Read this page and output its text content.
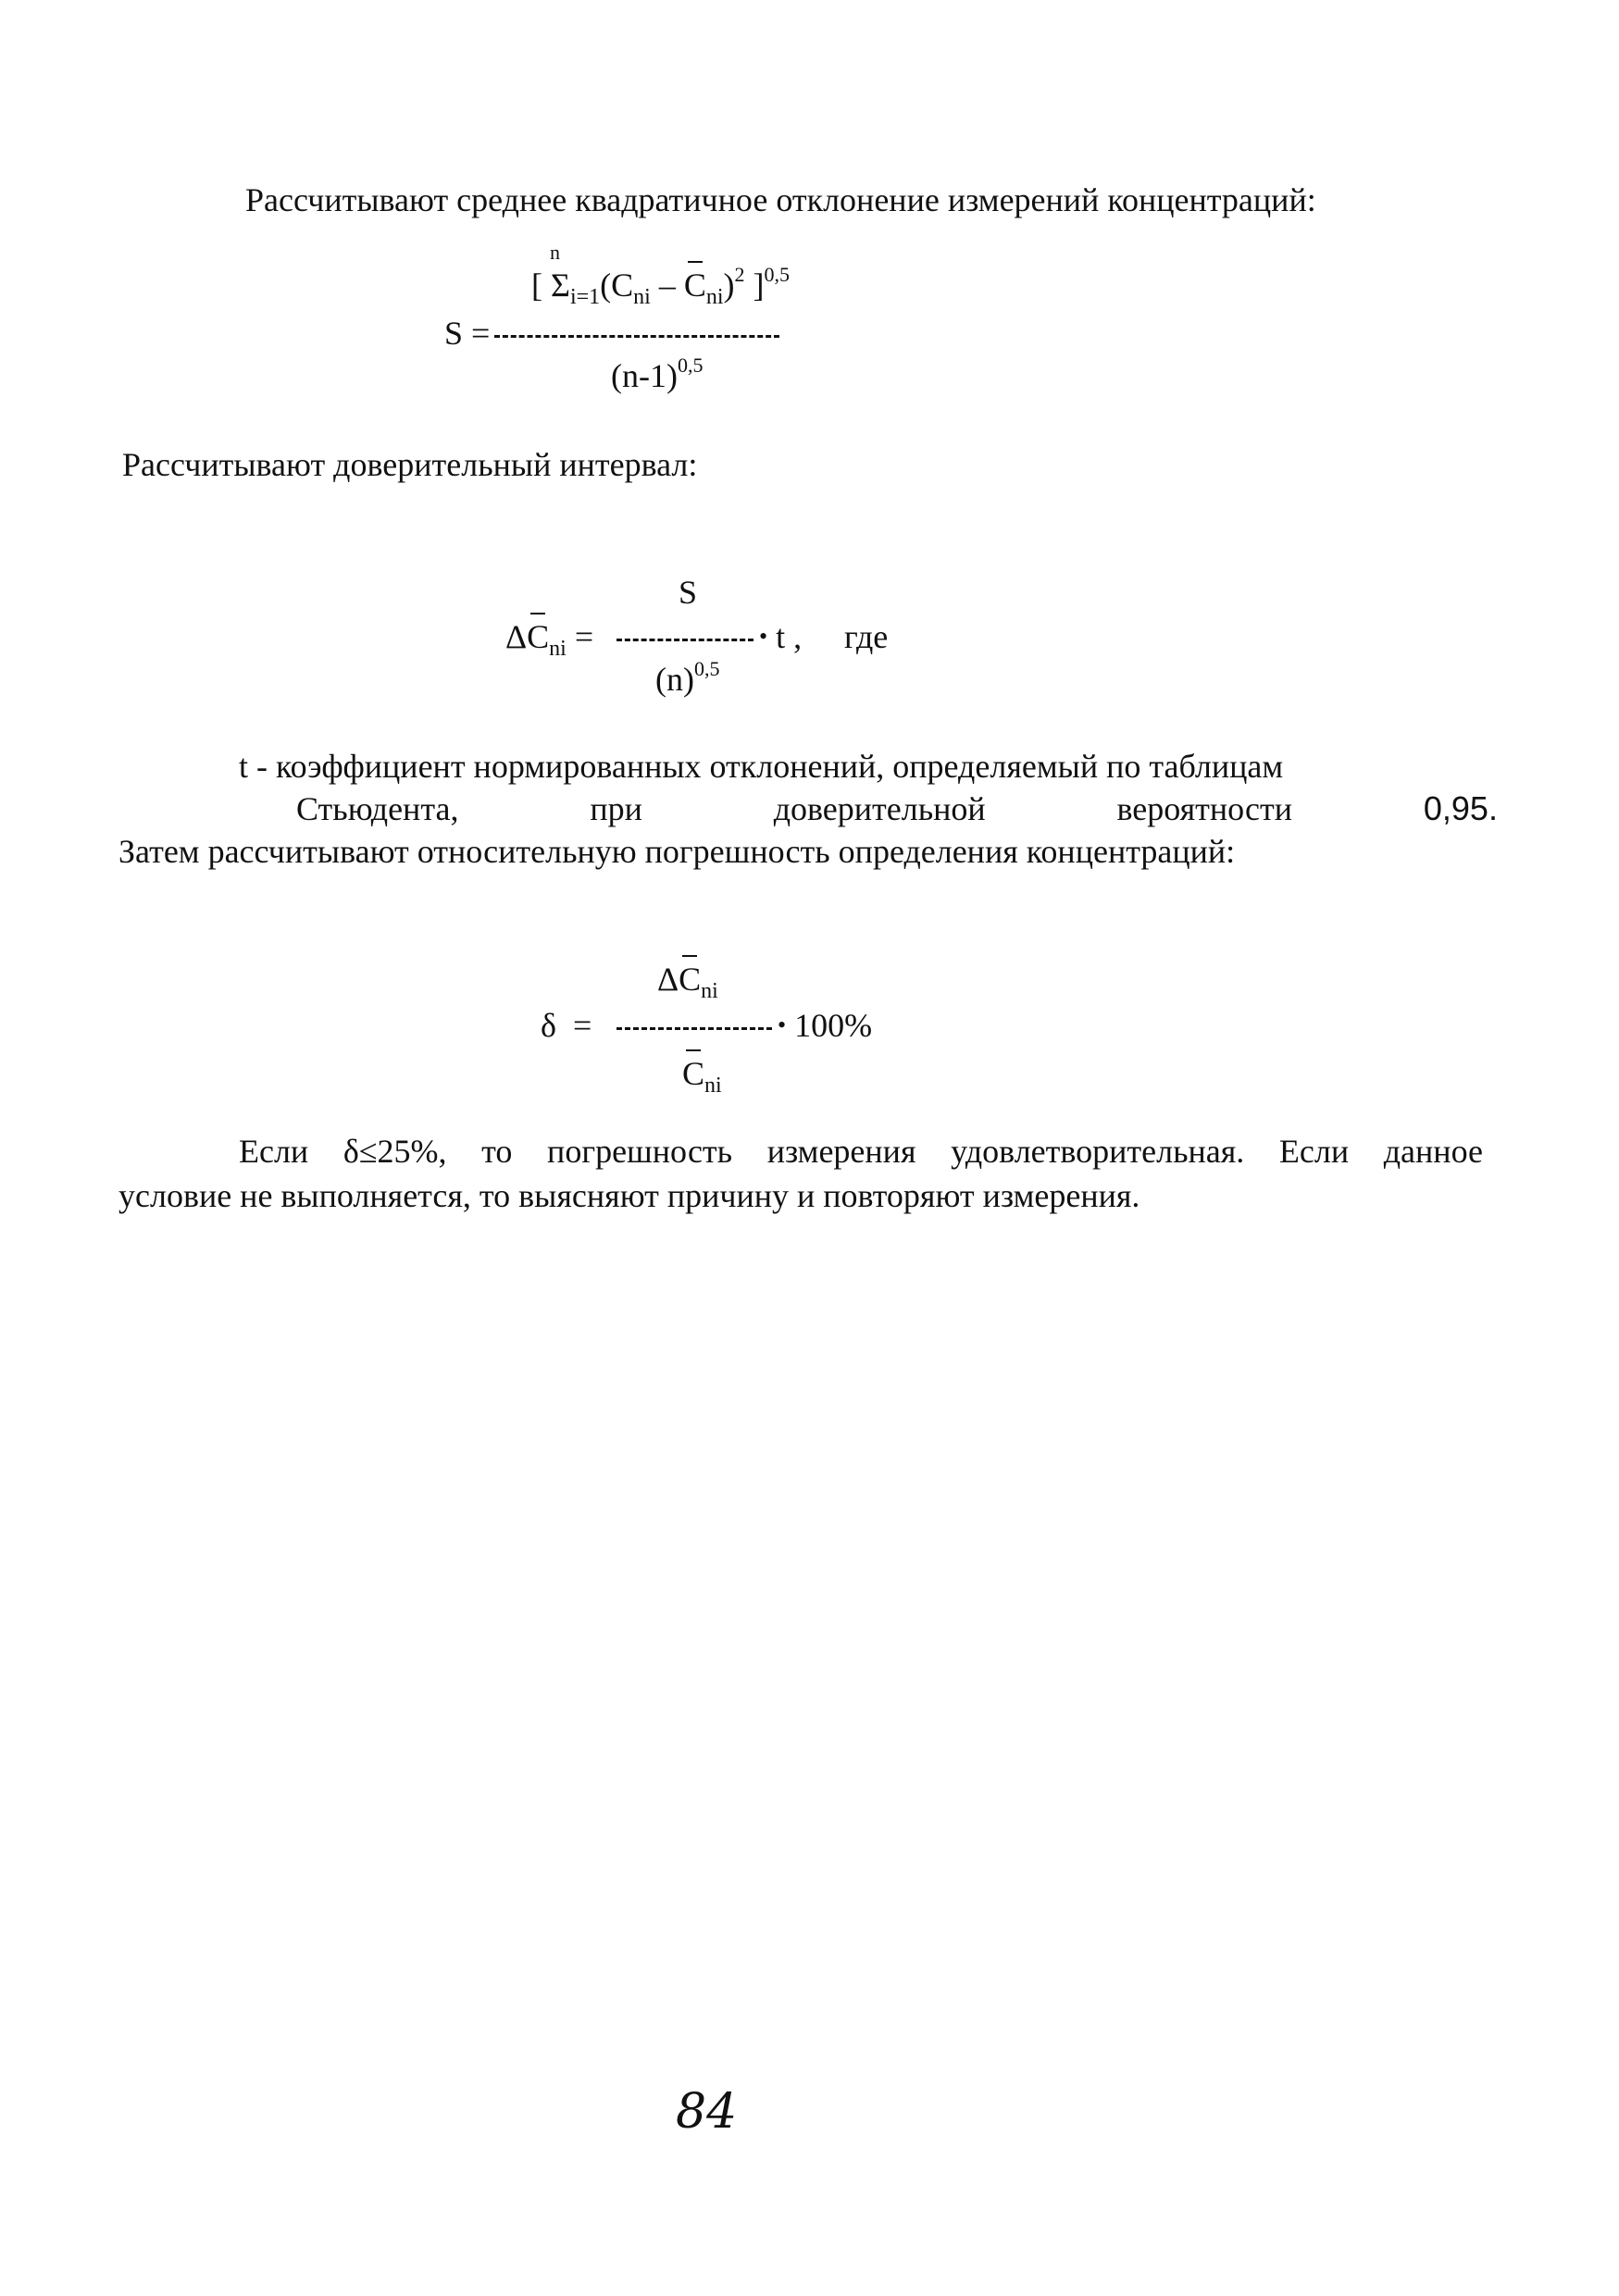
Рассчитывают среднее квадратичное отклонение измерений концентраций:
n
[ $\Sigma_{i=1}(C_{ni} - C_{ni})^2$ ]$^{0,5}$
S =
$(n-1)^{0,5}$
Рассчитывают доверительный интервал:
S
$\Delta C_{ni}$ =	• t , где
$(n)^{0,5}$
t - коэффициент нормированных отклонений, определяемый по таблицам
Стьюдента,	при	доверительной	вероятности	0,95.
Затем рассчитывают относительную погрешность определения концентраций:
$\Delta C_{ni}$
δ =	• 100%
$C_{ni}$
Если δ≤25%, то погрешность измерения удовлетворительная. Если данное
условие не выполняется, то выясняют причину и повторяют измерения.
84
